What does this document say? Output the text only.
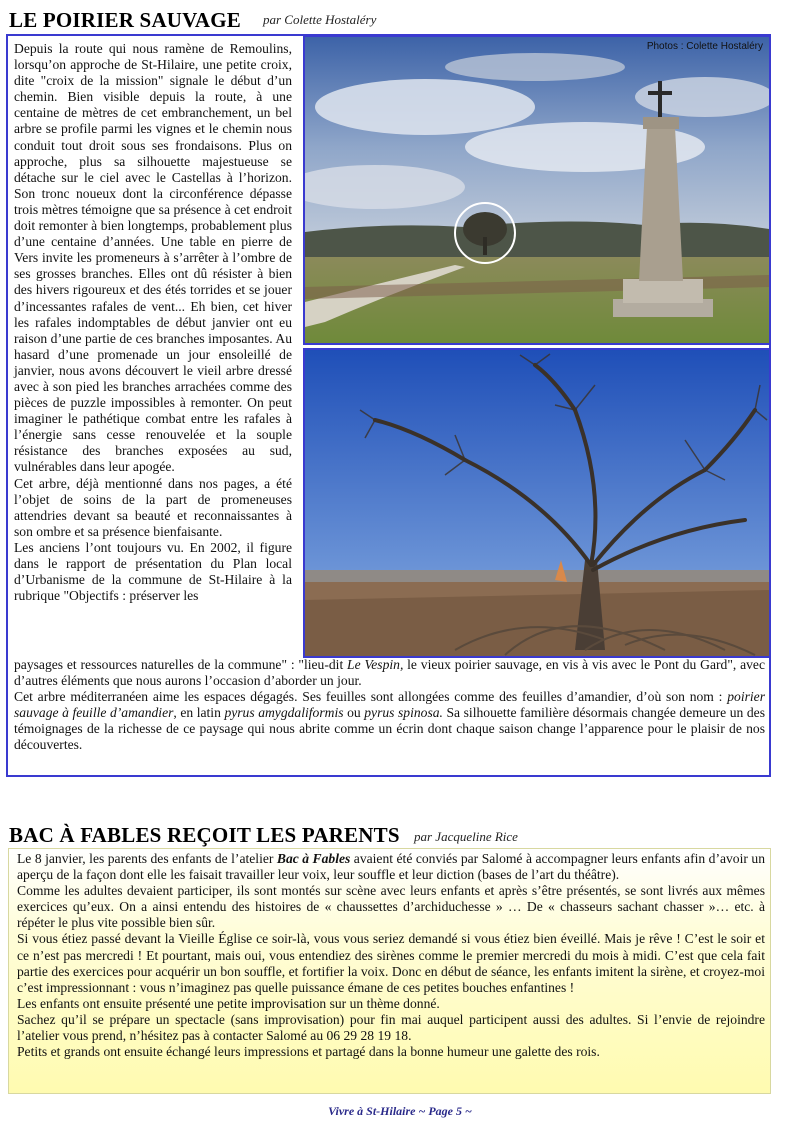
LE POIRIER SAUVAGE par Colette Hostaléry

Depuis la route qui nous ramène de Remoulins, lorsqu’on approche de St-Hilaire, une petite croix, dite "croix de la mission" signale le début d’un chemin. Bien visible depuis la route, à une centaine de mètres de cet embranchement, un bel arbre se profile parmi les vignes et le chemin nous conduit tout droit sous ses frondaisons. Plus on approche, plus sa silhouette majestueuse se détache sur le ciel avec le Castellas à l’horizon. Son tronc noueux dont la circonférence dépasse trois mètres témoigne que sa présence à cet endroit doit remonter à bien longtemps, probablement plus d’une centaine d’années. Une table en pierre de Vers invite les promeneurs à s’arrêter à l’ombre de ses grosses branches. Elles ont dû résister à bien des hivers rigoureux et des étés torrides et se jouer d’incessantes rafales de vent... Eh bien, cet hiver les rafales indomptables de début janvier ont eu raison d’une partie de ces branches imposantes. Au hasard d’une promenade un jour ensoleillé de janvier, nous avons découvert le vieil arbre dressé avec à son pied les branches arrachées comme des pièces de puzzle impossibles à remonter. On peut imaginer le pathétique combat entre les rafales à l’énergie sans cesse renouvelée et la souple résistance des branches exposées au sud, vulnérables dans leur apogée.

Cet arbre, déjà mentionné dans nos pages, a été l’objet de soins de la part de promeneuses attendries devant sa beauté et reconnaissantes à son ombre et sa présence bienfaisante.

Les anciens l’ont toujours vu. En 2002, il figure dans le rapport de présentation du Plan local d’Urbanisme de la commune de St-Hilaire à la rubrique "Objectifs : préserver les

Photos : Colette Hostaléry

paysages et ressources naturelles de la commune" : "lieu-dit Le Vespin, le vieux poirier sauvage, en vis à vis avec le Pont du Gard", avec d’autres éléments que nous aurons l’occasion d’aborder un jour.

Cet arbre méditerranéen aime les espaces dégagés. Ses feuilles sont allongées comme des feuilles d’amandier, d’où son nom : poirier sauvage à feuille d’amandier, en latin pyrus amygdaliformis ou pyrus spinosa. Sa silhouette familière désormais changée demeure un des témoignages de la richesse de ce paysage qui nous abrite comme un écrin dont chaque saison change l’apparence pour le plaisir de nos découvertes.

BAC À FABLES REÇOIT LES PARENTS par Jacqueline Rice

Le 8 janvier, les parents des enfants de l’atelier Bac à Fables avaient été conviés par Salomé à accompagner leurs enfants afin d’avoir un aperçu de la façon dont elle les faisait travailler leur voix, leur souffle et leur diction (bases de l’art du théâtre).

Comme les adultes devaient participer, ils sont montés sur scène avec leurs enfants et après s’être présentés, se sont livrés aux mêmes exercices qu’eux. On a ainsi entendu des histoires de « chaussettes d’archiduchesse » … De « chasseurs sachant chasser »… etc. à répéter le plus vite possible bien sûr.

Si vous étiez passé devant la Vieille Église ce soir-là, vous vous seriez demandé si vous étiez bien éveillé. Mais je rêve ! C’est le soir et ce n’est pas mercredi ! Et pourtant, mais oui, vous entendiez des sirènes comme le premier mercredi du mois à midi. C’est que cela fait partie des exercices pour acquérir un bon souffle, et fortifier la voix. Donc en début de séance, les enfants imitent la sirène, et croyez-moi c’est impressionnant : vous n’imaginez pas quelle puissance émane de ces petites bouches enfantines !

Les enfants ont ensuite présenté une petite improvisation sur un thème donné.

Sachez qu’il se prépare un spectacle (sans improvisation) pour fin mai auquel participent aussi des adultes. Si l’envie de rejoindre l’atelier vous prend, n’hésitez pas à contacter Salomé au 06 29 28 19 18.

Petits et grands ont ensuite échangé leurs impressions et partagé dans la bonne humeur une galette des rois.

Vivre à St-Hilaire ~ Page 5 ~
